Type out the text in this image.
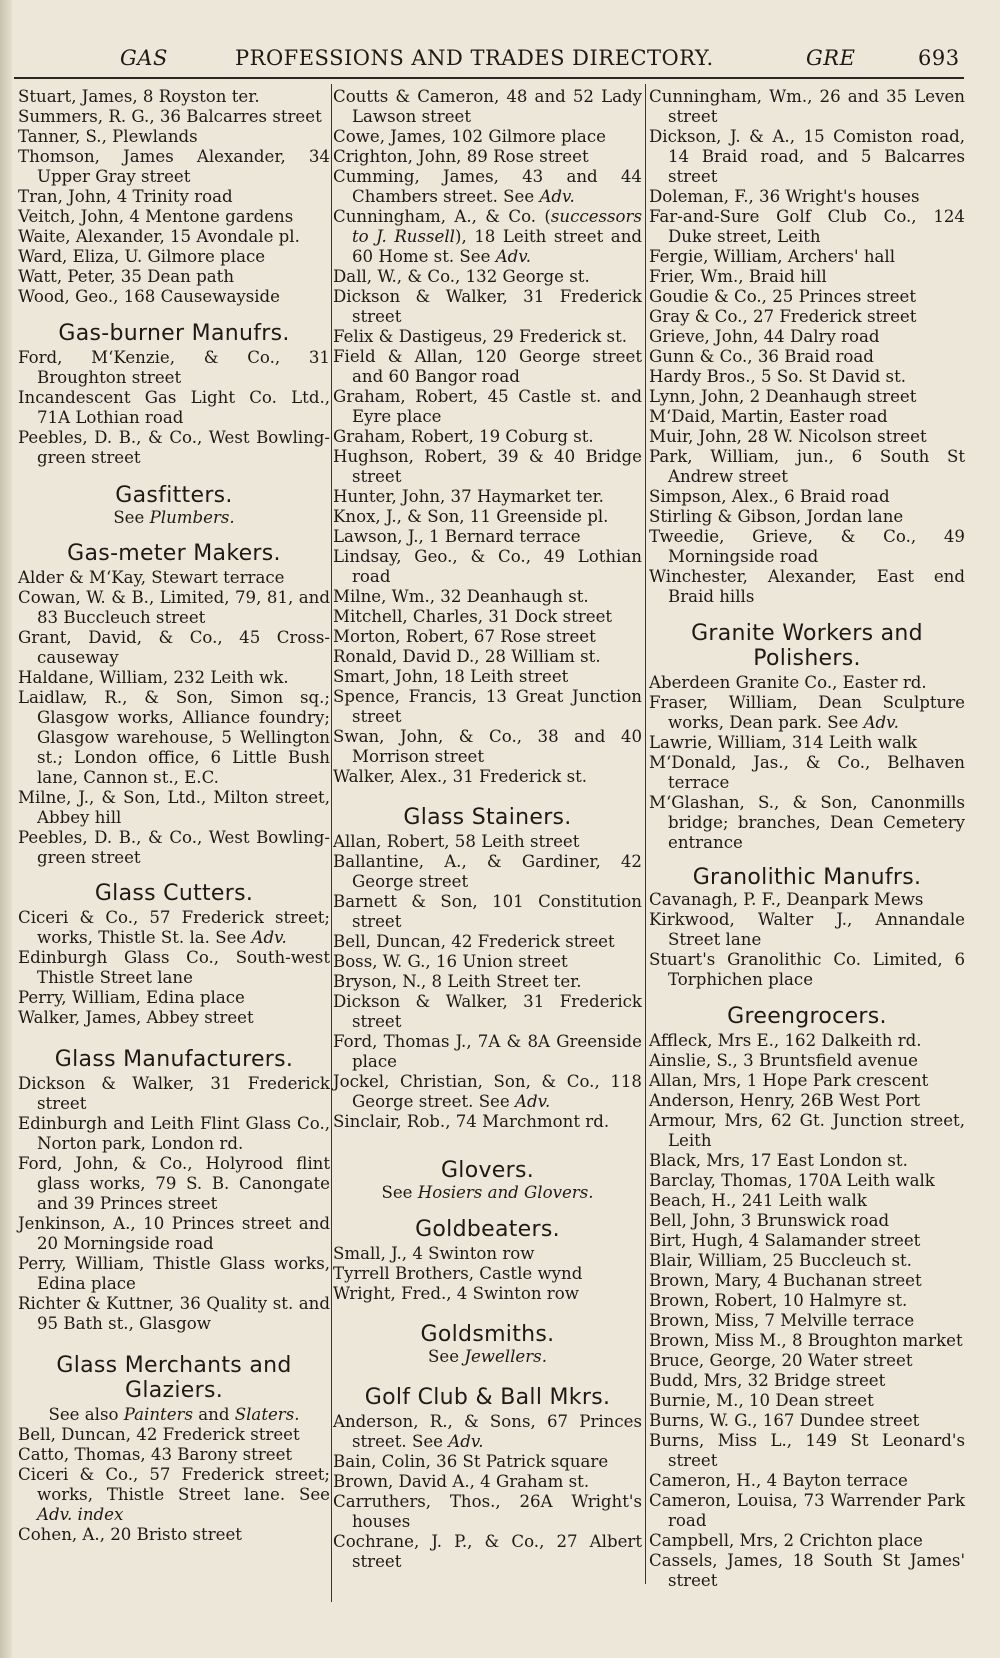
GAS	PROFESSIONS AND TRADES DIRECTORY.	GRE	693

Stuart, James, 8 Royston ter.

Summers, R. G., 36 Balcarres street

Tanner, S., Plewlands

Thomson, James Alexander, 34 Upper Gray street

Tran, John, 4 Trinity road

Veitch, John, 4 Mentone gardens

Waite, Alexander, 15 Avondale pl.

Ward, Eliza, U. Gilmore place

Watt, Peter, 35 Dean path

Wood, Geo., 168 Causewayside

Gas-burner Manufrs.

Ford, M‘Kenzie, & Co., 31 Broughton street

Incandescent Gas Light Co. Ltd., 71A Lothian road

Peebles, D. B., & Co., West Bowling-green street

Gasfitters.

See Plumbers.

Gas-meter Makers.

Alder & M‘Kay, Stewart terrace

Cowan, W. & B., Limited, 79, 81, and 83 Buccleuch street

Grant, David, & Co., 45 Cross-causeway

Haldane, William, 232 Leith wk.

Laidlaw, R., & Son, Simon sq.; Glasgow works, Alliance foundry; Glasgow warehouse, 5 Wellington st.; London office, 6 Little Bush lane, Cannon st., E.C.

Milne, J., & Son, Ltd., Milton street, Abbey hill

Peebles, D. B., & Co., West Bowling-green street

Glass Cutters.

Ciceri & Co., 57 Frederick street; works, Thistle St. la. See Adv.

Edinburgh Glass Co., South-west Thistle Street lane

Perry, William, Edina place

Walker, James, Abbey street

Glass Manufacturers.

Dickson & Walker, 31 Frederick street

Edinburgh and Leith Flint Glass Co., Norton park, London rd.

Ford, John, & Co., Holyrood flint glass works, 79 S. B. Canongate and 39 Princes street

Jenkinson, A., 10 Princes street and 20 Morningside road

Perry, William, Thistle Glass works, Edina place

Richter & Kuttner, 36 Quality st. and 95 Bath st., Glasgow

Glass Merchants and Glaziers.

See also Painters and Slaters.

Bell, Duncan, 42 Frederick street

Catto, Thomas, 43 Barony street

Ciceri & Co., 57 Frederick street; works, Thistle Street lane. See Adv. index

Cohen, A., 20 Bristo street

Coutts & Cameron, 48 and 52 Lady Lawson street

Cowe, James, 102 Gilmore place

Crighton, John, 89 Rose street

Cumming, James, 43 and 44 Chambers street. See Adv.

Cunningham, A., & Co. (successors to J. Russell), 18 Leith street and 60 Home st. See Adv.

Dall, W., & Co., 132 George st.

Dickson & Walker, 31 Frederick street

Felix & Dastigeus, 29 Frederick st.

Field & Allan, 120 George street and 60 Bangor road

Graham, Robert, 45 Castle st. and Eyre place

Graham, Robert, 19 Coburg st.

Hughson, Robert, 39 & 40 Bridge street

Hunter, John, 37 Haymarket ter.

Knox, J., & Son, 11 Greenside pl.

Lawson, J., 1 Bernard terrace

Lindsay, Geo., & Co., 49 Lothian road

Milne, Wm., 32 Deanhaugh st.

Mitchell, Charles, 31 Dock street

Morton, Robert, 67 Rose street

Ronald, David D., 28 William st.

Smart, John, 18 Leith street

Spence, Francis, 13 Great Junction street

Swan, John, & Co., 38 and 40 Morrison street

Walker, Alex., 31 Frederick st.

Glass Stainers.

Allan, Robert, 58 Leith street

Ballantine, A., & Gardiner, 42 George street

Barnett & Son, 101 Constitution street

Bell, Duncan, 42 Frederick street

Boss, W. G., 16 Union street

Bryson, N., 8 Leith Street ter.

Dickson & Walker, 31 Frederick street

Ford, Thomas J., 7A & 8A Greenside place

Jockel, Christian, Son, & Co., 118 George street. See Adv.

Sinclair, Rob., 74 Marchmont rd.

Glovers.

See Hosiers and Glovers.

Goldbeaters.

Small, J., 4 Swinton row

Tyrrell Brothers, Castle wynd

Wright, Fred., 4 Swinton row

Goldsmiths.

See Jewellers.

Golf Club & Ball Mkrs.

Anderson, R., & Sons, 67 Princes street. See Adv.

Bain, Colin, 36 St Patrick square

Brown, David A., 4 Graham st.

Carruthers, Thos., 26A Wright's houses

Cochrane, J. P., & Co., 27 Albert street

Cunningham, Wm., 26 and 35 Leven street

Dickson, J. & A., 15 Comiston road, 14 Braid road, and 5 Balcarres street

Doleman, F., 36 Wright's houses

Far-and-Sure Golf Club Co., 124 Duke street, Leith

Fergie, William, Archers' hall

Frier, Wm., Braid hill

Goudie & Co., 25 Princes street

Gray & Co., 27 Frederick street

Grieve, John, 44 Dalry road

Gunn & Co., 36 Braid road

Hardy Bros., 5 So. St David st.

Lynn, John, 2 Deanhaugh street

M‘Daid, Martin, Easter road

Muir, John, 28 W. Nicolson street

Park, William, jun., 6 South St Andrew street

Simpson, Alex., 6 Braid road

Stirling & Gibson, Jordan lane

Tweedie, Grieve, & Co., 49 Morningside road

Winchester, Alexander, East end Braid hills

Granite Workers and Polishers.

Aberdeen Granite Co., Easter rd.

Fraser, William, Dean Sculpture works, Dean park. See Adv.

Lawrie, William, 314 Leith walk

M‘Donald, Jas., & Co., Belhaven terrace

M‘Glashan, S., & Son, Canonmills bridge; branches, Dean Cemetery entrance

Granolithic Manufrs.

Cavanagh, P. F., Deanpark Mews

Kirkwood, Walter J., Annandale Street lane

Stuart's Granolithic Co. Limited, 6 Torphichen place

Greengrocers.

Affleck, Mrs E., 162 Dalkeith rd.

Ainslie, S., 3 Bruntsfield avenue

Allan, Mrs, 1 Hope Park crescent

Anderson, Henry, 26B West Port

Armour, Mrs, 62 Gt. Junction street, Leith

Black, Mrs, 17 East London st.

Barclay, Thomas, 170A Leith walk

Beach, H., 241 Leith walk

Bell, John, 3 Brunswick road

Birt, Hugh, 4 Salamander street

Blair, William, 25 Buccleuch st.

Brown, Mary, 4 Buchanan street

Brown, Robert, 10 Halmyre st.

Brown, Miss, 7 Melville terrace

Brown, Miss M., 8 Broughton market

Bruce, George, 20 Water street

Budd, Mrs, 32 Bridge street

Burnie, M., 10 Dean street

Burns, W. G., 167 Dundee street

Burns, Miss L., 149 St Leonard's street

Cameron, H., 4 Bayton terrace

Cameron, Louisa, 73 Warrender Park road

Campbell, Mrs, 2 Crichton place

Cassels, James, 18 South St James' street
